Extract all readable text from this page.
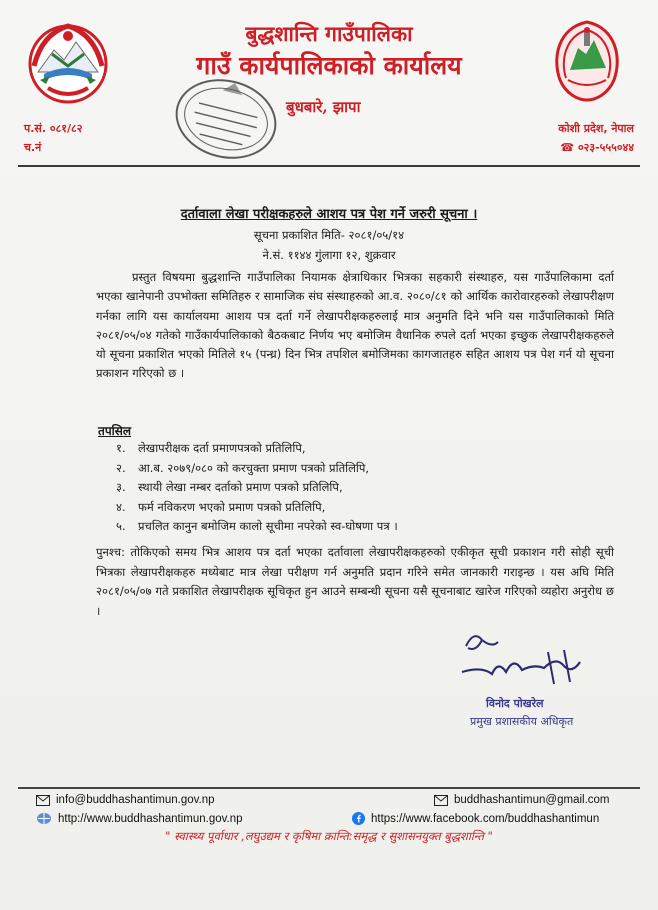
बुद्धशान्ति गाउँपालिका
गाउँ कार्यपालिकाको कार्यालय
बुधबारे, झापा
प.सं. ०८१/८२
च.नं
कोशी प्रदेश, नेपाल
☎ ०२३-५५५०४४
दर्तावाला लेखा परीक्षकहरुले आशय पत्र पेश गर्ने जरुरी सूचना ।
सूचना प्रकाशित मिति- २०८१/०५/१४
ने.सं. ११४४ गुंलागा १२, शुक्रवार

प्रस्तुत विषयमा बुद्धशान्ति गाउँपालिका नियामक क्षेत्राधिकार भित्रका सहकारी संस्थाहरु, यस गाउँपालिकामा दर्ता भएका खानेपानी उपभोक्ता समितिहरु र सामाजिक संघ संस्थाहरुको आ.व. २०८०/८१ को आर्थिक कारोवारहरुको लेखापरीक्षण गर्नका लागि यस कार्यालयमा आशय पत्र दर्ता गर्ने लेखापरीक्षकहरुलाई मात्र अनुमति दिने भनि यस गाउँपालिकाको मिति २०८१/०५/०४ गतेको गाउँकार्यपालिकाको बैठकबाट निर्णय भए बमोजिम वैधानिक रुपले दर्ता भएका इच्छुक लेखापरीक्षकहरुले यो सूचना प्रकाशित भएको मितिले १५ (पन्ध्र) दिन भित्र तपशिल बमोजिमका कागजातहरु सहित आशय पत्र पेश गर्न यो सूचना प्रकाशन गरिएको छ ।

तपसिल
१. लेखापरीक्षक दर्ता प्रमाणपत्रको प्रतिलिपि,
२. आ.ब. २०७९/०८० को करचुक्ता प्रमाण पत्रको प्रतिलिपि,
३. स्थायी लेखा नम्बर दर्ताको प्रमाण पत्रको प्रतिलिपि,
४. फर्म नविकरण भएको प्रमाण पत्रको प्रतिलिपि,
५. प्रचलित कानुन बमोजिम कालो सूचीमा नपरेको स्व-घोषणा पत्र ।

पुनश्च: तोकिएको समय भित्र आशय पत्र दर्ता भएका दर्तावाला लेखापरीक्षकहरुको एकीकृत सूची प्रकाशन गरी सोही सूची भित्रका लेखापरीक्षकहरु मध्येबाट मात्र लेखा परीक्षण गर्न अनुमति प्रदान गरिने समेत जानकारी गराइन्छ । यस अघि मिति २०८१/०५/०७ गते प्रकाशित लेखापरीक्षक सूचिकृत हुन आउने सम्बन्धी सूचना यसै सूचनाबाट खारेज गरिएको व्यहोरा अनुरोध छ ।

विनोद पोखरेल
प्रमुख प्रशासकीय अधिकृत
info@buddhashantimun.gov.np	buddhashantimun@gmail.com
http://www.buddhashantimun.gov.np	https://www.facebook.com/buddhashantimun
" स्वास्थ्य पूर्वाधार ,लघुउद्यम र कृषिमा क्रान्ति:समृद्ध र सुशासनयुक्त बुद्धशान्ति "
